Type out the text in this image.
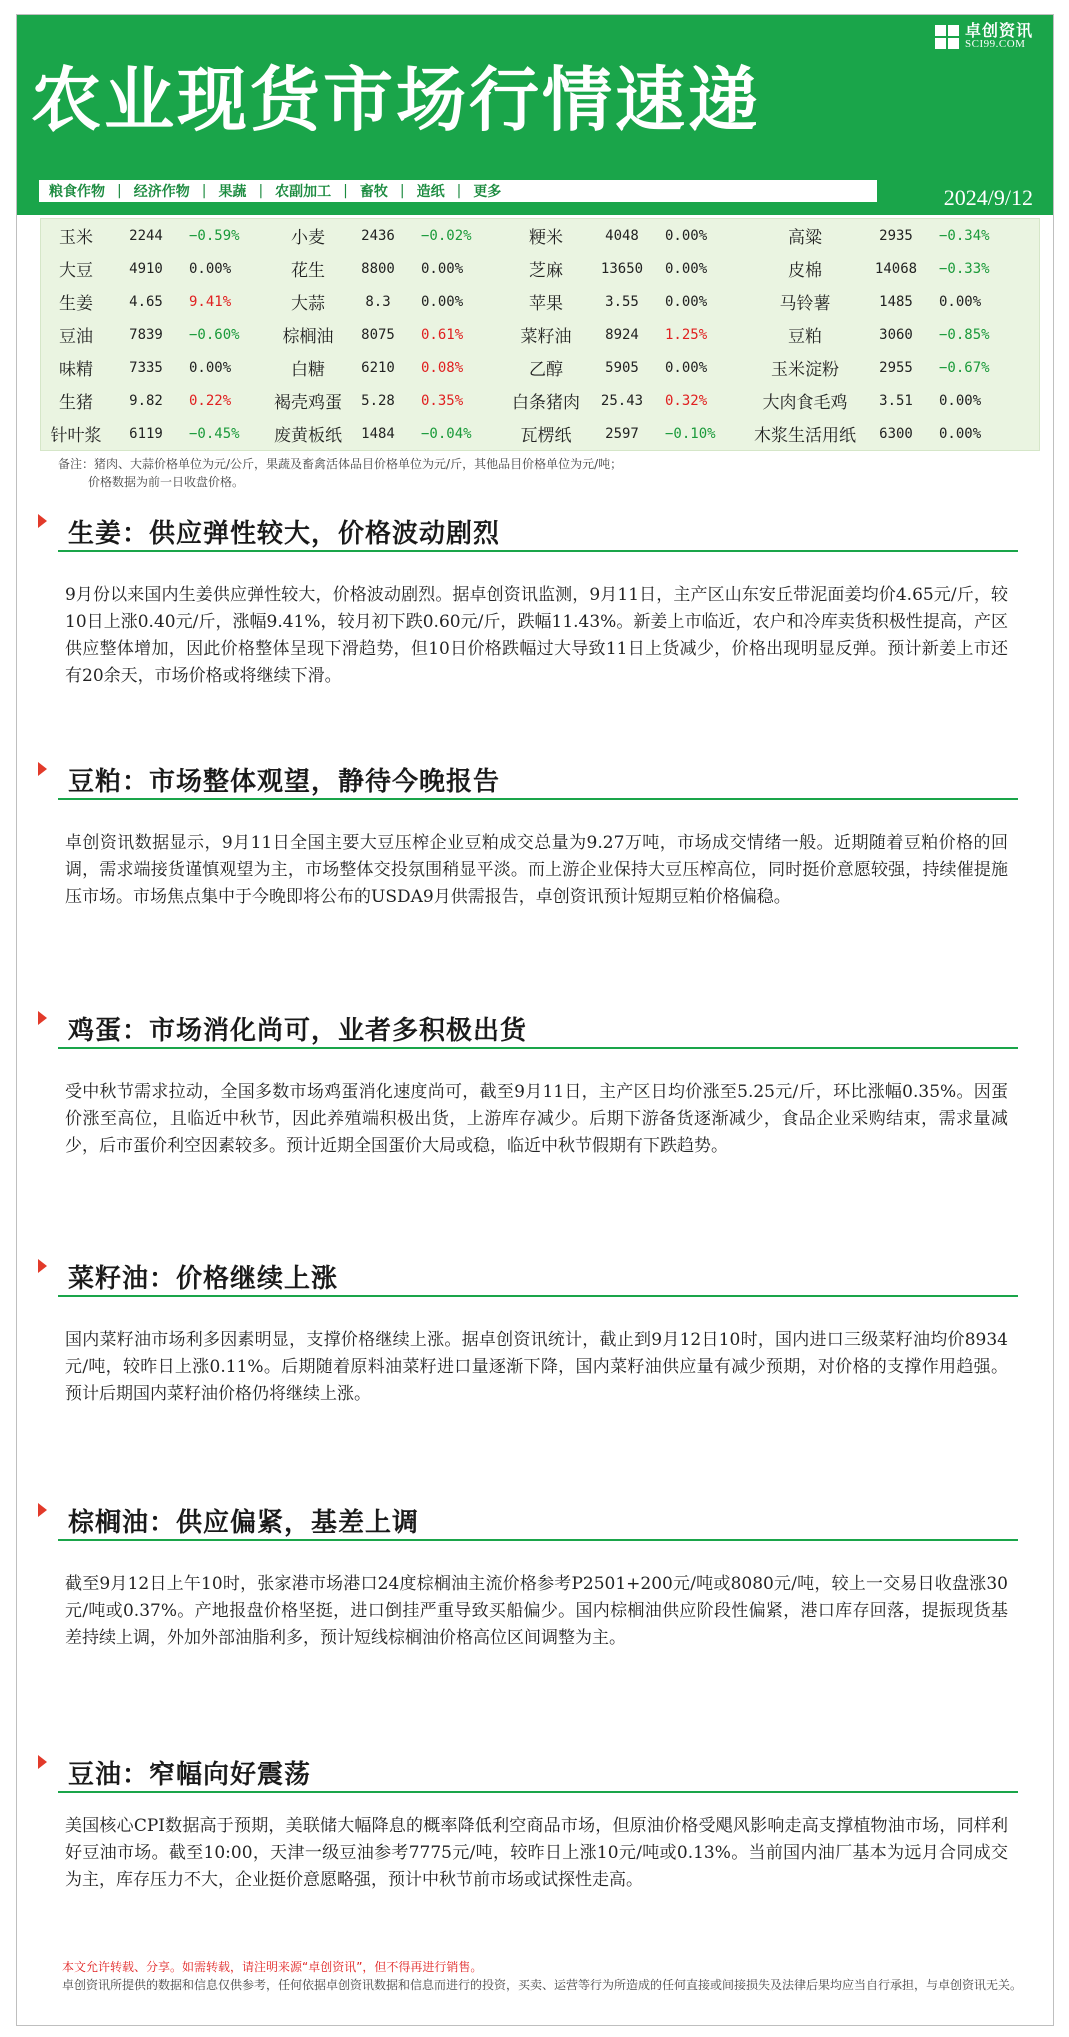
卓创资讯
SCI99.COM
农业现货市场行情速递
粮食作物 | 经济作物 | 果蔬 | 农副加工 | 畜牧 | 造纸 | 更多	2024/9/12
玉米	2244	−0.59%	小麦	2436	−0.02%	粳米	4048	0.00%	高粱	2935	−0.34%
大豆	4910	0.00%	花生	8800	0.00%	芝麻	13650	0.00%	皮棉	14068	−0.33%
生姜	4.65	9.41%	大蒜	8.3	0.00%	苹果	3.55	0.00%	马铃薯	1485	0.00%
豆油	7839	−0.60%	棕榈油	8075	0.61%	菜籽油	8924	1.25%	豆粕	3060	−0.85%
味精	7335	0.00%	白糖	6210	0.08%	乙醇	5905	0.00%	玉米淀粉	2955	−0.67%
生猪	9.82	0.22%	褐壳鸡蛋	5.28	0.35%	白条猪肉	25.43	0.32%	大肉食毛鸡	3.51	0.00%
针叶浆	6119	−0.45%	废黄板纸	1484	−0.04%	瓦楞纸	2597	−0.10%	木浆生活用纸	6300	0.00%
备注：猪肉、大蒜价格单位为元/公斤，果蔬及畜禽活体品目价格单位为元/斤，其他品目价格单位为元/吨；
价格数据为前一日收盘价格。
生姜：供应弹性较大，价格波动剧烈
9月份以来国内生姜供应弹性较大，价格波动剧烈。据卓创资讯监测，9月11日，主产区山东安丘带泥面姜均价4.65元/斤，较10日上涨0.40元/斤，涨幅9.41%，较月初下跌0.60元/斤，跌幅11.43%。新姜上市临近，农户和冷库卖货积极性提高，产区供应整体增加，因此价格整体呈现下滑趋势，但10日价格跌幅过大导致11日上货减少，价格出现明显反弹。预计新姜上市还有20余天，市场价格或将继续下滑。
豆粕：市场整体观望，静待今晚报告
卓创资讯数据显示，9月11日全国主要大豆压榨企业豆粕成交总量为9.27万吨，市场成交情绪一般。近期随着豆粕价格的回调，需求端接货谨慎观望为主，市场整体交投氛围稍显平淡。而上游企业保持大豆压榨高位，同时挺价意愿较强，持续催提施压市场。市场焦点集中于今晚即将公布的USDA9月供需报告，卓创资讯预计短期豆粕价格偏稳。
鸡蛋：市场消化尚可，业者多积极出货
受中秋节需求拉动，全国多数市场鸡蛋消化速度尚可，截至9月11日，主产区日均价涨至5.25元/斤，环比涨幅0.35%。因蛋价涨至高位，且临近中秋节，因此养殖端积极出货，上游库存减少。后期下游备货逐渐减少，食品企业采购结束，需求量减少，后市蛋价利空因素较多。预计近期全国蛋价大局或稳，临近中秋节假期有下跌趋势。
菜籽油：价格继续上涨
国内菜籽油市场利多因素明显，支撑价格继续上涨。据卓创资讯统计，截止到9月12日10时，国内进口三级菜籽油均价8934元/吨，较昨日上涨0.11%。后期随着原料油菜籽进口量逐渐下降，国内菜籽油供应量有减少预期，对价格的支撑作用趋强。预计后期国内菜籽油价格仍将继续上涨。
棕榈油：供应偏紧，基差上调
截至9月12日上午10时，张家港市场港口24度棕榈油主流价格参考P2501+200元/吨或8080元/吨，较上一交易日收盘涨30元/吨或0.37%。产地报盘价格坚挺，进口倒挂严重导致买船偏少。国内棕榈油供应阶段性偏紧，港口库存回落，提振现货基差持续上调，外加外部油脂利多，预计短线棕榈油价格高位区间调整为主。
豆油：窄幅向好震荡
美国核心CPI数据高于预期，美联储大幅降息的概率降低利空商品市场，但原油价格受飓风影响走高支撑植物油市场，同样利好豆油市场。截至10:00，天津一级豆油参考7775元/吨，较昨日上涨10元/吨或0.13%。当前国内油厂基本为远月合同成交为主，库存压力不大，企业挺价意愿略强，预计中秋节前市场或试探性走高。
本文允许转载、分享。如需转载，请注明来源“卓创资讯”，但不得再进行销售。
卓创资讯所提供的数据和信息仅供参考，任何依据卓创资讯数据和信息而进行的投资，买卖、运营等行为所造成的任何直接或间接损失及法律后果均应当自行承担，与卓创资讯无关。
